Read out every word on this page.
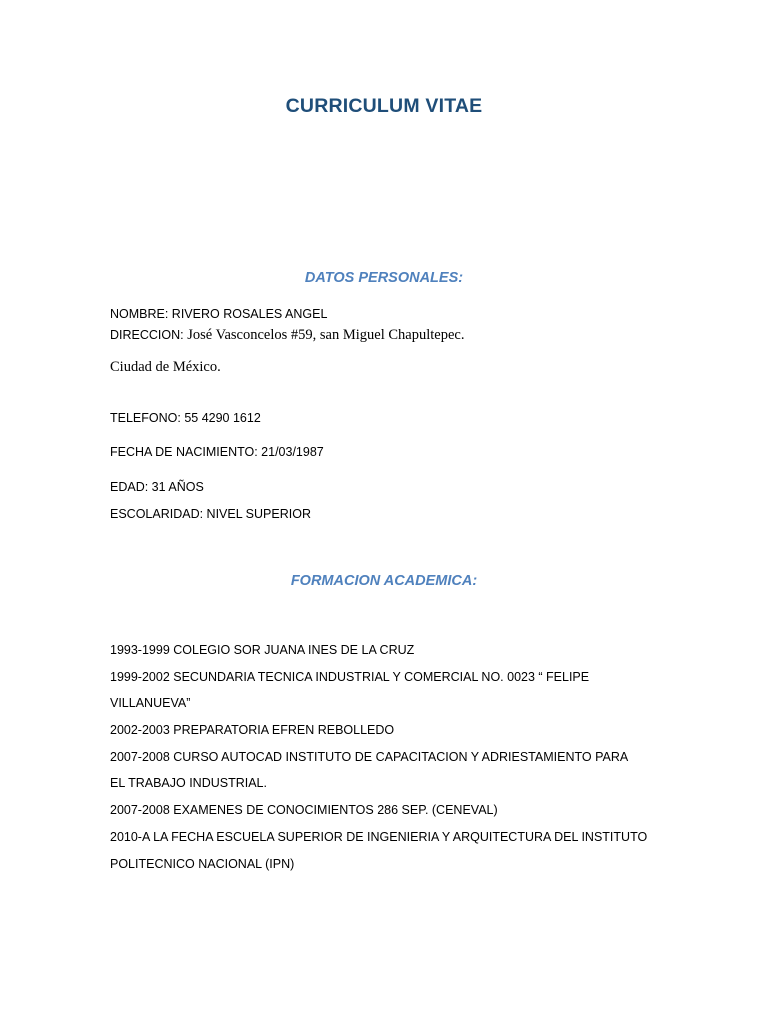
CURRICULUM VITAE
DATOS PERSONALES:
NOMBRE: RIVERO ROSALES ANGEL
DIRECCION: José Vasconcelos #59, san Miguel Chapultepec.
Ciudad de México.
TELEFONO: 55 4290 1612
FECHA DE NACIMIENTO: 21/03/1987
EDAD: 31 AÑOS
ESCOLARIDAD: NIVEL SUPERIOR
FORMACION ACADEMICA:
1993-1999 COLEGIO SOR JUANA INES DE LA CRUZ
1999-2002 SECUNDARIA TECNICA INDUSTRIAL Y COMERCIAL NO. 0023 “ FELIPE
VILLANUEVA”
2002-2003 PREPARATORIA EFREN REBOLLEDO
2007-2008 CURSO AUTOCAD INSTITUTO DE CAPACITACION Y ADRIESTAMIENTO PARA
EL TRABAJO INDUSTRIAL.
2007-2008 EXAMENES DE CONOCIMIENTOS 286 SEP. (CENEVAL)
2010-A LA FECHA ESCUELA SUPERIOR DE INGENIERIA Y ARQUITECTURA DEL INSTITUTO
POLITECNICO NACIONAL (IPN)
